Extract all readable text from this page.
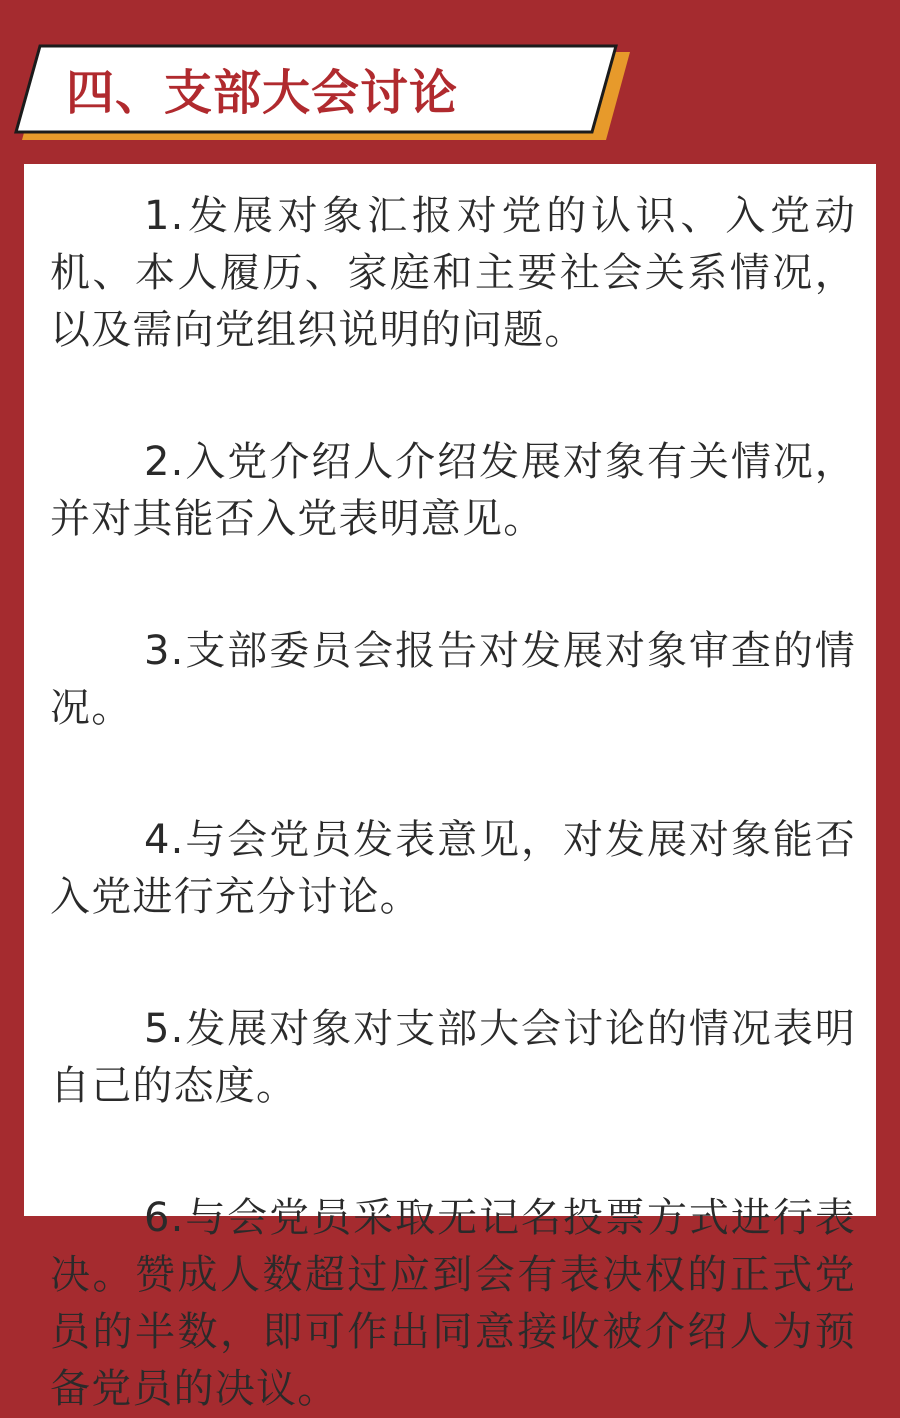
四、支部大会讨论

1.发展对象汇报对党的认识、入党动机、本人履历、家庭和主要社会关系情况，以及需向党组织说明的问题。

2.入党介绍人介绍发展对象有关情况，并对其能否入党表明意见。

3.支部委员会报告对发展对象审查的情况。

4.与会党员发表意见，对发展对象能否入党进行充分讨论。

5.发展对象对支部大会讨论的情况表明自己的态度。

6.与会党员采取无记名投票方式进行表决。赞成人数超过应到会有表决权的正式党员的半数，即可作出同意接收被介绍人为预备党员的决议。
